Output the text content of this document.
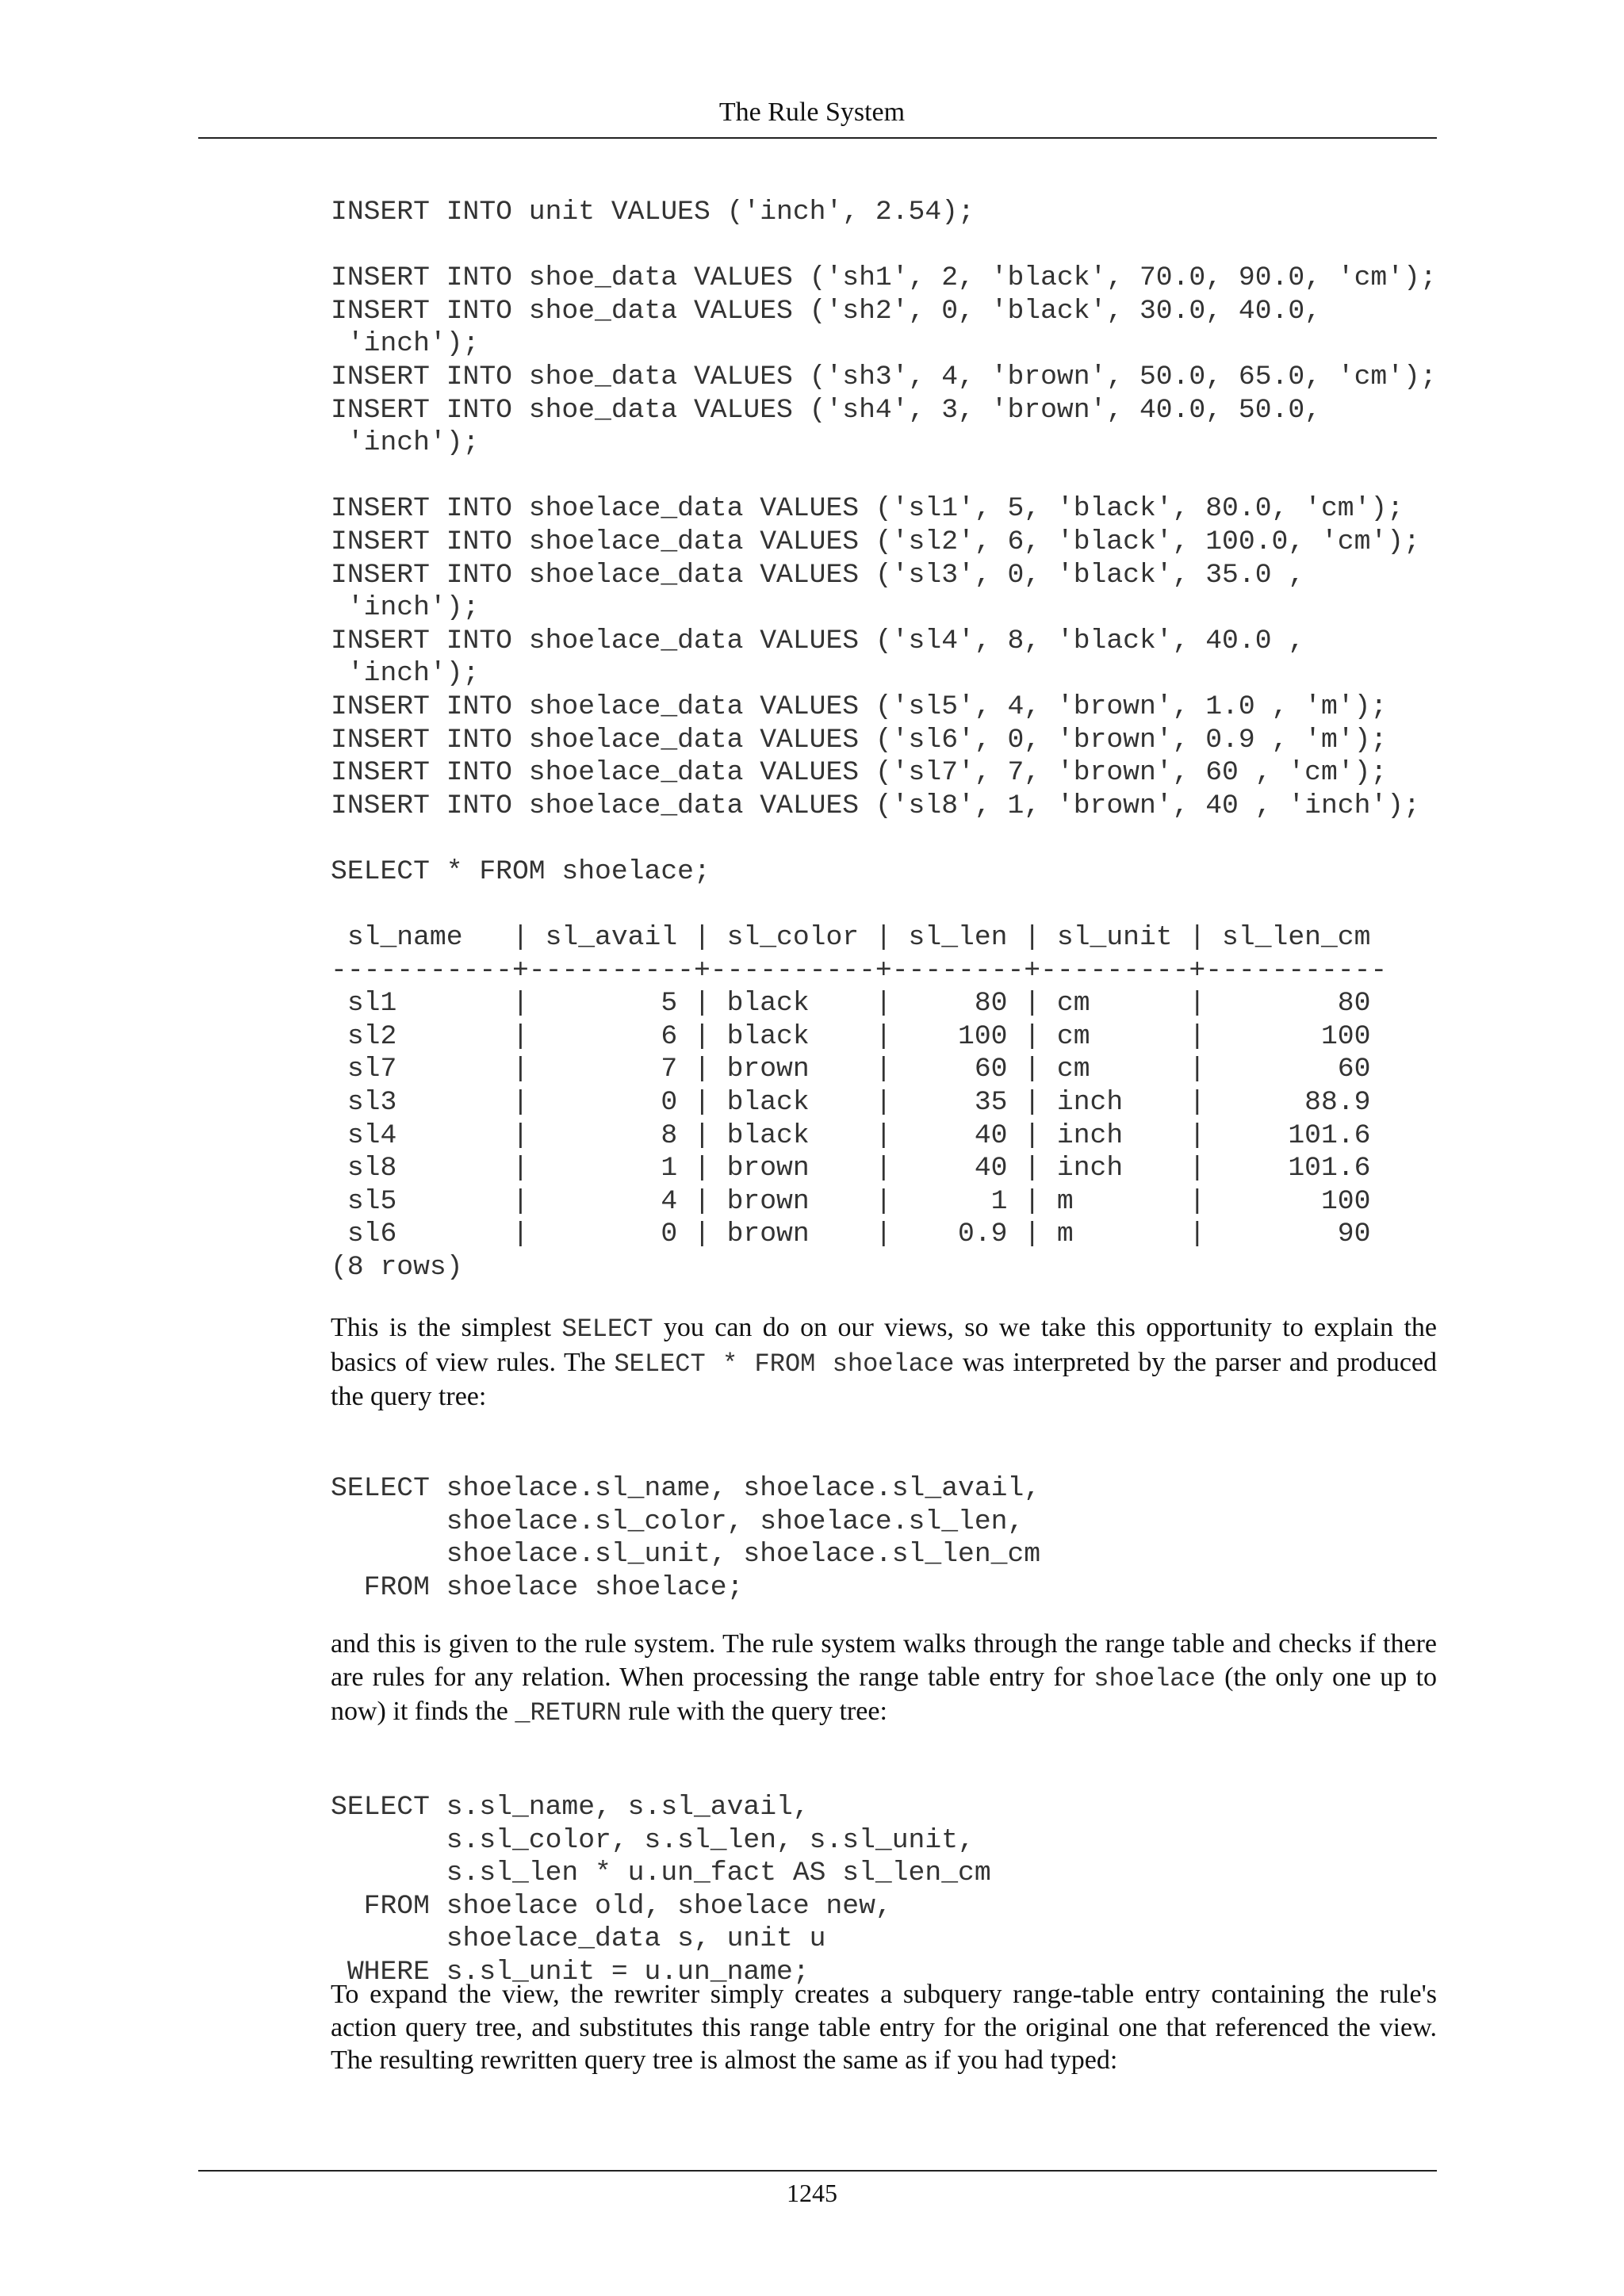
The Rule System
INSERT INTO unit VALUES ('inch', 2.54);

INSERT INTO shoe_data VALUES ('sh1', 2, 'black', 70.0, 90.0, 'cm');
INSERT INTO shoe_data VALUES ('sh2', 0, 'black', 30.0, 40.0,
'inch');
INSERT INTO shoe_data VALUES ('sh3', 4, 'brown', 50.0, 65.0, 'cm');
INSERT INTO shoe_data VALUES ('sh4', 3, 'brown', 40.0, 50.0,
'inch');

INSERT INTO shoelace_data VALUES ('sl1', 5, 'black', 80.0, 'cm');
INSERT INTO shoelace_data VALUES ('sl2', 6, 'black', 100.0, 'cm');
INSERT INTO shoelace_data VALUES ('sl3', 0, 'black', 35.0 ,
'inch');
INSERT INTO shoelace_data VALUES ('sl4', 8, 'black', 40.0 ,
'inch');
INSERT INTO shoelace_data VALUES ('sl5', 4, 'brown', 1.0 , 'm');
INSERT INTO shoelace_data VALUES ('sl6', 0, 'brown', 0.9 , 'm');
INSERT INTO shoelace_data VALUES ('sl7', 7, 'brown', 60 , 'cm');
INSERT INTO shoelace_data VALUES ('sl8', 1, 'brown', 40 , 'inch');

SELECT * FROM shoelace;

sl_name   | sl_avail | sl_color | sl_len | sl_unit | sl_len_cm
-----------+----------+----------+--------+---------+-----------
sl1       |        5 | black    |     80 | cm      |        80
sl2       |        6 | black    |    100 | cm      |       100
sl7       |        7 | brown    |     60 | cm      |        60
sl3       |        0 | black    |     35 | inch    |      88.9
sl4       |        8 | black    |     40 | inch    |     101.6
sl8       |        1 | brown    |     40 | inch    |     101.6
sl5       |        4 | brown    |      1 | m       |       100
sl6       |        0 | brown    |    0.9 | m       |        90
(8 rows)

This is the simplest SELECT you can do on our views, so we take this opportunity to explain the basics of view rules. The SELECT * FROM shoelace was interpreted by the parser and produced the query tree:

SELECT shoelace.sl_name, shoelace.sl_avail,
shoelace.sl_color, shoelace.sl_len,
shoelace.sl_unit, shoelace.sl_len_cm
FROM shoelace shoelace;

and this is given to the rule system. The rule system walks through the range table and checks if there are rules for any relation. When processing the range table entry for shoelace (the only one up to now) it finds the _RETURN rule with the query tree:

SELECT s.sl_name, s.sl_avail,
s.sl_color, s.sl_len, s.sl_unit,
s.sl_len * u.un_fact AS sl_len_cm
FROM shoelace old, shoelace new,
shoelace_data s, unit u
WHERE s.sl_unit = u.un_name;

To expand the view, the rewriter simply creates a subquery range-table entry containing the rule's action query tree, and substitutes this range table entry for the original one that referenced the view. The resulting rewritten query tree is almost the same as if you had typed:

1245
